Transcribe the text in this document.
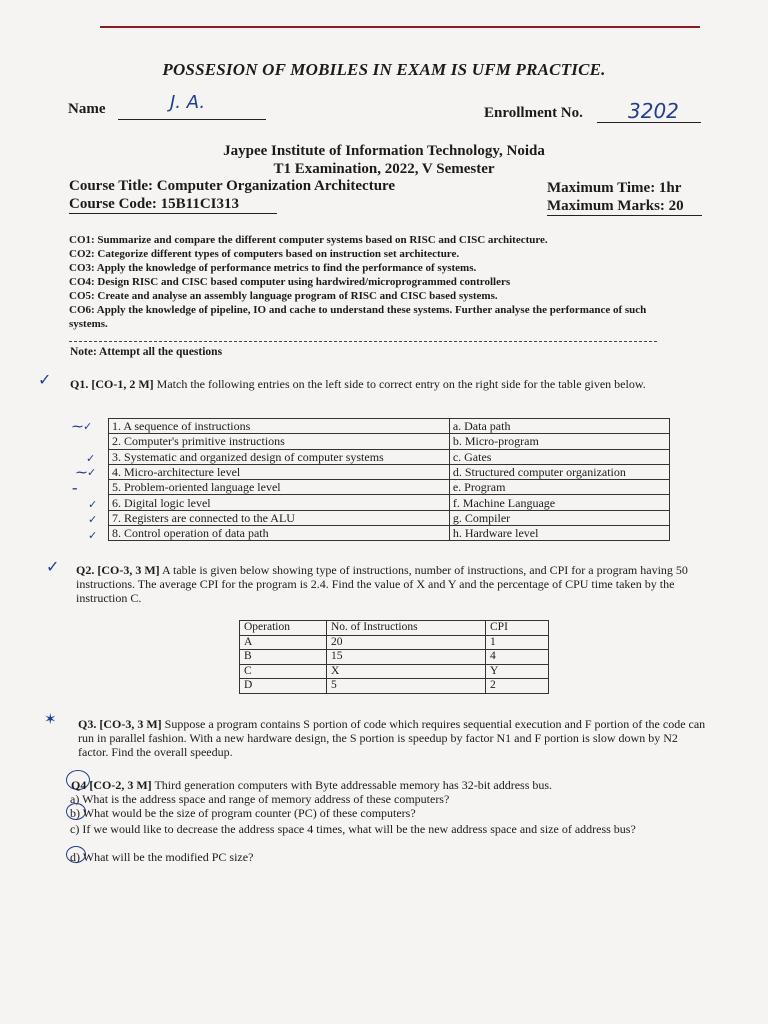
POSSESION OF MOBILES IN EXAM IS UFM PRACTICE.
Name	J. A.	Enrollment No. 3202
Jaypee Institute of Information Technology, Noida
T1 Examination, 2022, V Semester
Course Title: Computer Organization Architecture
Course Code: 15B11CI313
Maximum Time: 1hr
Maximum Marks: 20
CO1: Summarize and compare the different computer systems based on RISC and CISC architecture.
CO2: Categorize different types of computers based on instruction set architecture.
CO3: Apply the knowledge of performance metrics to find the performance of systems.
CO4: Design RISC and CISC based computer using hardwired/microprogrammed controllers
CO5: Create and analyse an assembly language program of RISC and CISC based systems.
CO6: Apply the knowledge of pipeline, IO and cache to understand these systems. Further analyse the performance of such systems.
Note: Attempt all the questions
Q1. [CO-1, 2 M] Match the following entries on the left side to correct entry on the right side for the table given below.
✓
1. A sequence of instructions	a. Data path
2. Computer's primitive instructions	b. Micro-program
3. Systematic and organized design of computer systems	c. Gates
4. Micro-architecture level	d. Structured computer organization
5. Problem-oriented language level	e. Program
6. Digital logic level	f. Machine Language
7. Registers are connected to the ALU	g. Compiler
8. Control operation of data path	h. Hardware level
⁓✓
✓
⁓✓
–
✓
✓
✓
Q2. [CO-3, 3 M] A table is given below showing type of instructions, number of instructions, and CPI for a program having 50 instructions. The average CPI for the program is 2.4. Find the value of X and Y and the percentage of CPU time taken by the instruction C.
✓
Operation	No. of Instructions	CPI
A	20	1
B	15	4
C	X	Y
D	5	2
Q3. [CO-3, 3 M] Suppose a program contains S portion of code which requires sequential execution and F portion of the code can run in parallel fashion. With a new hardware design, the S portion is speedup by factor N1 and F portion is slow down by N2 factor. Find the overall speedup.
✶
Q4 [CO-2, 3 M] Third generation computers with Byte addressable memory has 32-bit address bus.
a) What is the address space and range of memory address of these computers?
b) What would be the size of program counter (PC) of these computers?
c) If we would like to decrease the address space 4 times, what will be the new address space and size of address bus?
d) What will be the modified PC size?
